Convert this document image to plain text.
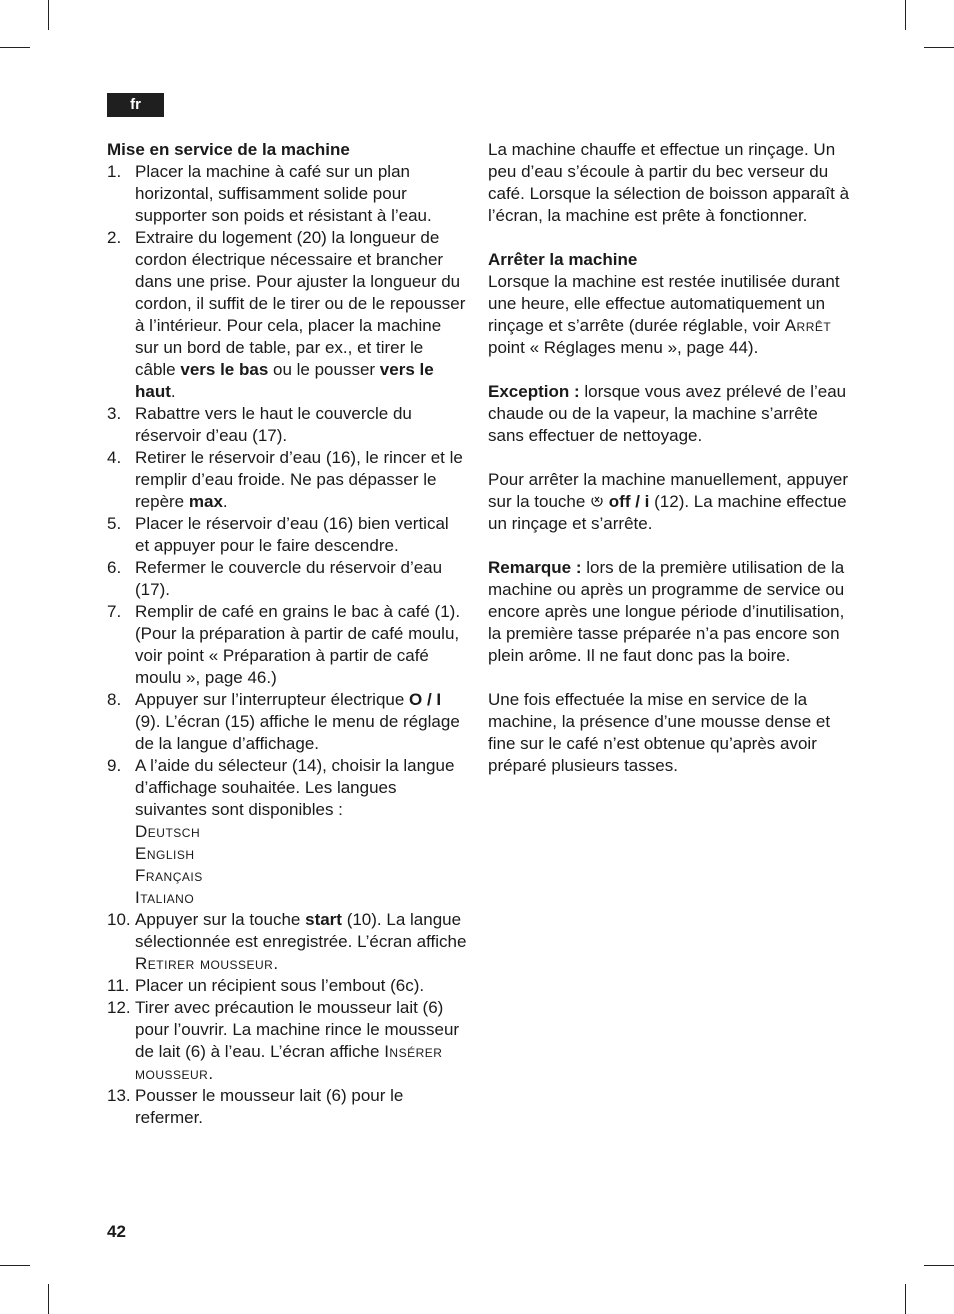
fr

Mise en service de la machine

1. Placer la machine à café sur un plan horizontal, suffisamment solide pour supporter son poids et résistant à l’eau.
2. Extraire du logement (20) la longueur de cordon électrique nécessaire et brancher dans une prise. Pour ajuster la longueur du cordon, il suffit de le tirer ou de le repousser à l’intérieur. Pour cela, placer la machine sur un bord de table, par ex., et tirer le câble vers le bas ou le pousser vers le haut.
3. Rabattre vers le haut le couvercle du réservoir d’eau (17).
4. Retirer le réservoir d’eau (16), le rincer et le remplir d’eau froide. Ne pas dépasser le repère max.
5. Placer le réservoir d’eau (16) bien vertical et appuyer pour le faire descendre.
6. Refermer le couvercle du réservoir d’eau (17).
7. Remplir de café en grains le bac à café (1). (Pour la préparation à partir de café moulu, voir point « Préparation à partir de café moulu », page 46.)
8. Appuyer sur l’interrupteur électrique O / I (9). L’écran (15) affiche le menu de réglage de la langue d’affichage.
9. A l’aide du sélecteur (14), choisir la langue d’affichage souhaitée. Les langues suivantes sont disponibles :
Deutsch
English
Français
Italiano
10. Appuyer sur la touche start (10). La langue sélectionnée est enregistrée. L’écran affiche Retirer mousseur.
11. Placer un récipient sous l’embout (6c).
12. Tirer avec précaution le mousseur lait (6) pour l’ouvrir. La machine rince le mousseur de lait (6) à l’eau. L’écran affiche Insérer mousseur.
13. Pousser le mousseur lait (6) pour le refermer.

La machine chauffe et effectue un rinçage. Un peu d’eau s’écoule à partir du bec verseur du café. Lorsque la sélection de boisson apparaît à l’écran, la machine est prête à fonctionner.

Arrêter la machine

Lorsque la machine est restée inutilisée durant une heure, elle effectue automatiquement un rinçage et s’arrête (durée réglable, voir Arrêt point « Réglages menu », page 44).

Exception : lorsque vous avez prélevé de l’eau chaude ou de la vapeur, la machine s’arrête sans effectuer de nettoyage.

Pour arrêter la machine manuellement, appuyer sur la touche  off / i (12). La machine effectue un rinçage et s’arrête.

Remarque : lors de la première utilisation de la machine ou après un programme de service ou encore après une longue période d’inutilisation, la première tasse préparée n’a pas encore son plein arôme. Il ne faut donc pas la boire.

Une fois effectuée la mise en service de la machine, la présence d’une mousse dense et fine sur le café n’est obtenue qu’après avoir préparé plusieurs tasses.

42
